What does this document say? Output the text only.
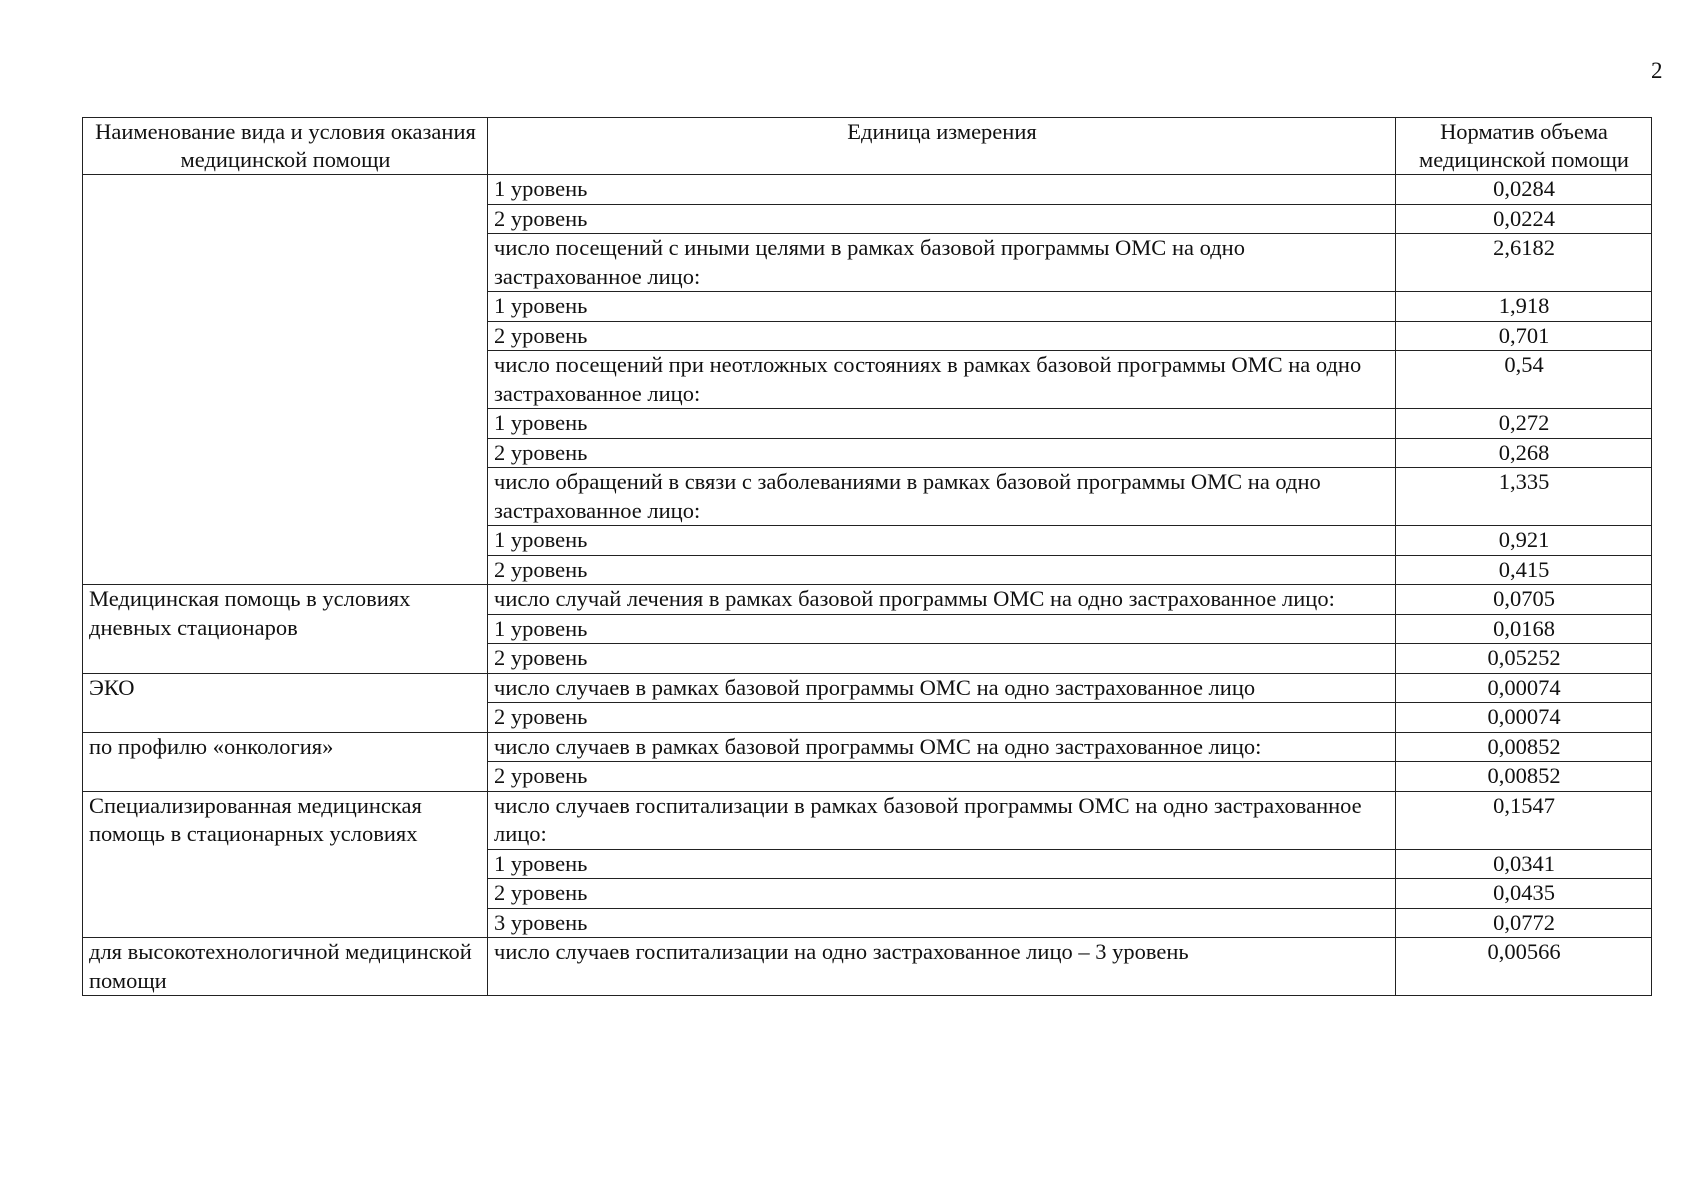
2
Наименование вида и условия оказания медицинской помощи	Единица измерения	Норматив объема медицинской помощи
	1 уровень	0,0284
	2 уровень	0,0224
	число посещений с иными целями в рамках базовой программы ОМС на одно застрахованное лицо:	2,6182
	1 уровень	1,918
	2 уровень	0,701
	число посещений при неотложных состояниях в рамках базовой программы ОМС на одно застрахованное лицо:	0,54
	1 уровень	0,272
	2 уровень	0,268
	число обращений в связи с заболеваниями в рамках базовой программы ОМС на одно застрахованное лицо:	1,335
	1 уровень	0,921
	2 уровень	0,415
Медицинская помощь в условиях дневных стационаров	число случай лечения в рамках базовой программы ОМС на одно застрахованное лицо:	0,0705
	1 уровень	0,0168
	2 уровень	0,05252
ЭКО	число случаев в рамках базовой программы ОМС на одно застрахованное лицо	0,00074
	2 уровень	0,00074
по профилю «онкология»	число случаев в рамках базовой программы ОМС на одно застрахованное лицо:	0,00852
	2 уровень	0,00852
Специализированная медицинская помощь в стационарных условиях	число случаев госпитализации в рамках базовой программы ОМС на одно застрахованное лицо:	0,1547
	1 уровень	0,0341
	2 уровень	0,0435
	3 уровень	0,0772
для высокотехнологичной медицинской помощи	число случаев госпитализации на одно застрахованное лицо – 3 уровень	0,00566
